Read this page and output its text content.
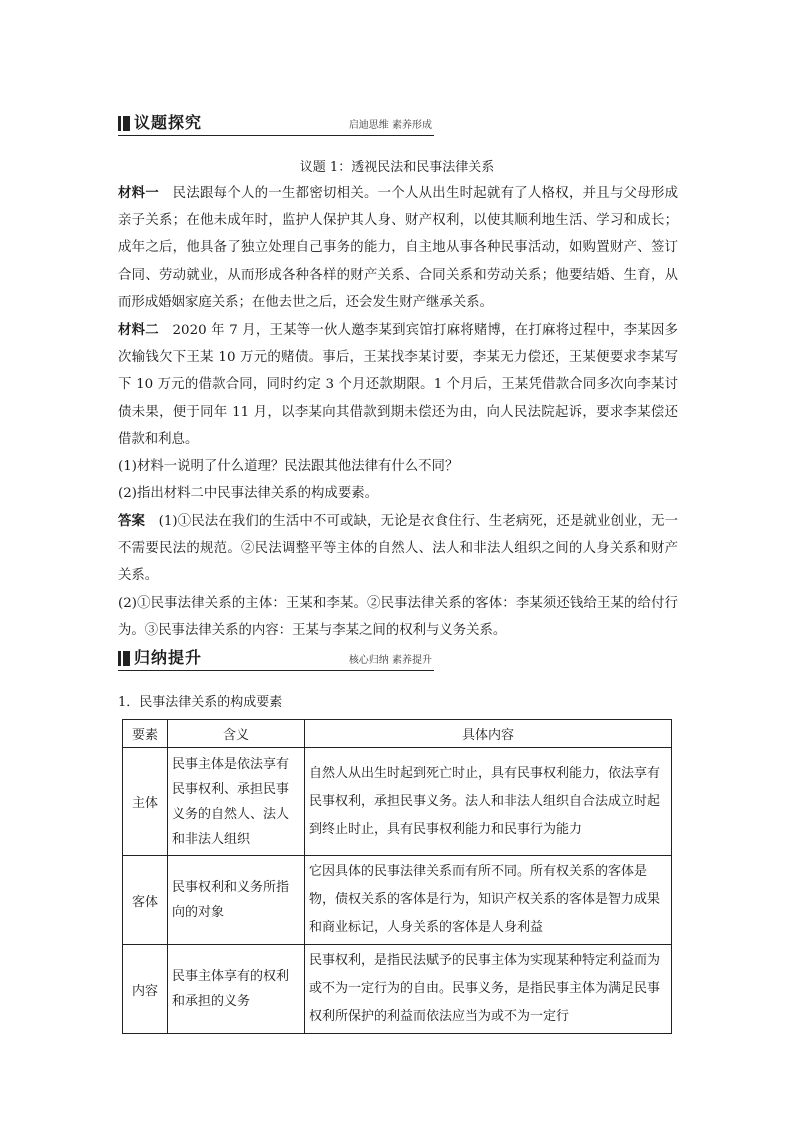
议题探究	启迪思维 素养形成
议题 1：透视民法和民事法律关系
材料一　 民法跟每个人的一生都密切相关。一个人从出生时起就有了人格权，并且与父母形成亲子关系；在他未成年时，监护人保护其人身、财产权利，以使其顺利地生活、学习和成长；成年之后，他具备了独立处理自己事务的能力，自主地从事各种民事活动，如购置财产、签订合同、劳动就业，从而形成各种各样的财产关系、合同关系和劳动关系；他要结婚、生育，从而形成婚姻家庭关系；在他去世之后，还会发生财产继承关系。
材料二　 2020 年 7 月，王某等一伙人邀李某到宾馆打麻将赌博，在打麻将过程中，李某因多次输钱欠下王某 10 万元的赌债。事后，王某找李某讨要，李某无力偿还，王某便要求李某写下 10 万元的借款合同，同时约定 3 个月还款期限。1 个月后，王某凭借款合同多次向李某讨债未果，便于同年 11 月，以李某向其借款到期未偿还为由，向人民法院起诉，要求李某偿还借款和利息。
(1)材料一说明了什么道理？民法跟其他法律有什么不同？
(2)指出材料二中民事法律关系的构成要素。
答案　 (1)①民法在我们的生活中不可或缺，无论是衣食住行、生老病死，还是就业创业，无一不需要民法的规范。②民法调整平等主体的自然人、法人和非法人组织之间的人身关系和财产关系。
(2)①民事法律关系的主体：王某和李某。②民事法律关系的客体：李某须还钱给王某的给付行为。③民事法律关系的内容：王某与李某之间的权利与义务关系。
归纳提升	核心归纳 素养提升
1．民事法律关系的构成要素
要素	含义	具体内容
主体	民事主体是依法享有民事权利、承担民事义务的自然人、法人和非法人组织	自然人从出生时起到死亡时止，具有民事权利能力，依法享有民事权利，承担民事义务。法人和非法人组织自合法成立时起到终止时止，具有民事权利能力和民事行为能力
客体	民事权利和义务所指向的对象	它因具体的民事法律关系而有所不同。所有权关系的客体是物，债权关系的客体是行为，知识产权关系的客体是智力成果和商业标记，人身关系的客体是人身利益
内容	民事主体享有的权利和承担的义务	民事权利，是指民法赋予的民事主体为实现某种特定利益而为或不为一定行为的自由。民事义务，是指民事主体为满足民事权利所保护的利益而依法应当为或不为一定行
